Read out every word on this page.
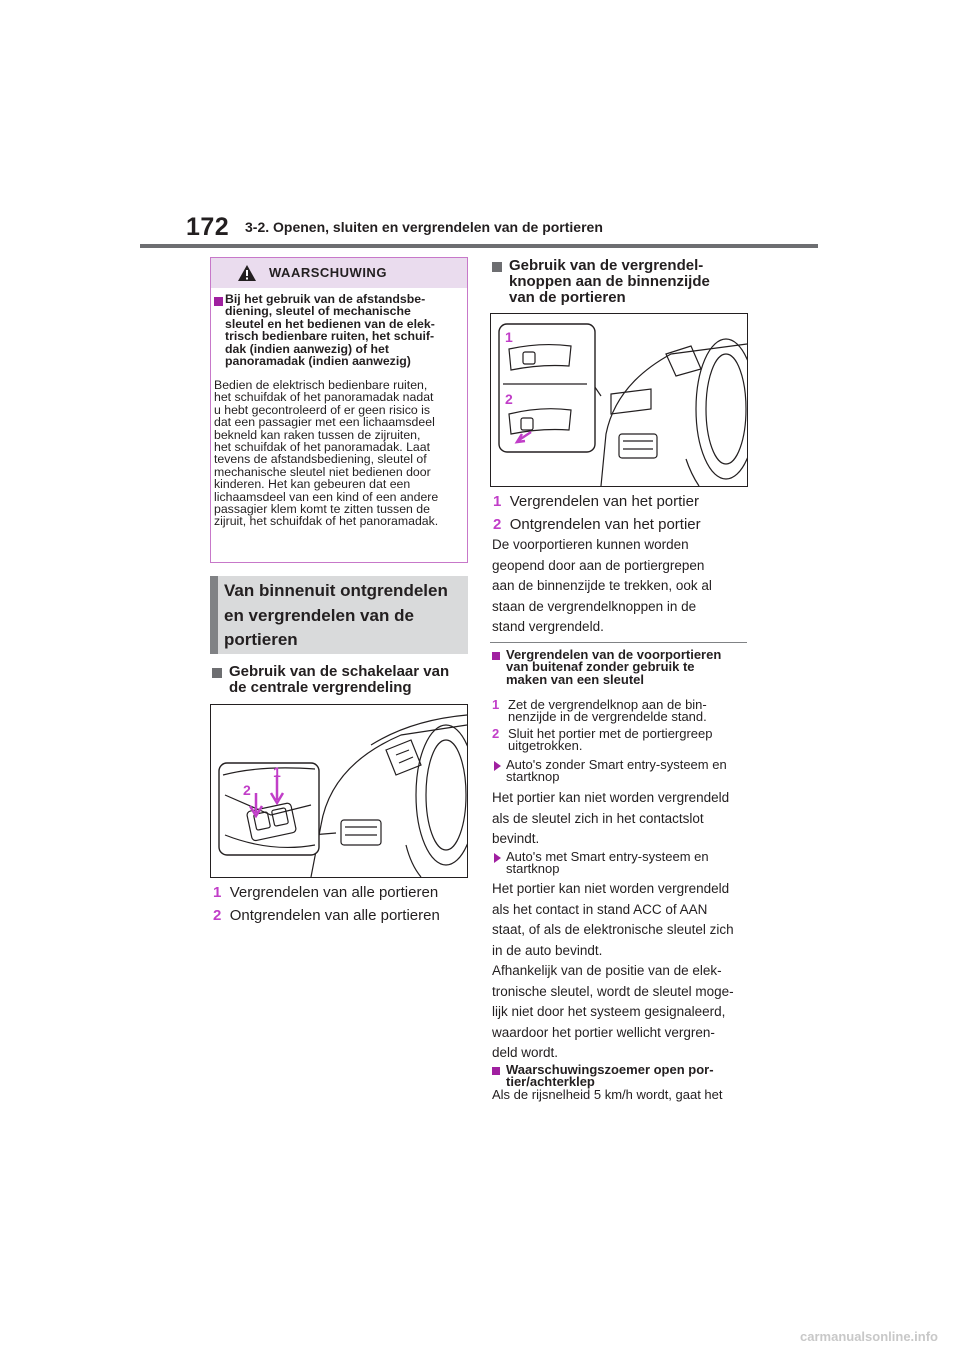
172 3-2. Openen, sluiten en vergrendelen van de portieren
WAARSCHUWING
Bij het gebruik van de afstandsbe-
diening, sleutel of mechanische
sleutel en het bedienen van de elek-
trisch bedienbare ruiten, het schuif-
dak (indien aanwezig) of het
panoramadak (indien aanwezig)
Bedien de elektrisch bedienbare ruiten,
het schuifdak of het panoramadak nadat
u hebt gecontroleerd of er geen risico is
dat een passagier met een lichaamsdeel
bekneld kan raken tussen de zijruiten,
het schuifdak of het panoramadak. Laat
tevens de afstandsbediening, sleutel of
mechanische sleutel niet bedienen door
kinderen. Het kan gebeuren dat een
lichaamsdeel van een kind of een andere
passagier klem komt te zitten tussen de
zijruit, het schuifdak of het panoramadak.
Van binnenuit ontgrendelen
en vergrendelen van de
portieren
Gebruik van de schakelaar van
de centrale vergrendeling
1
2
1 Vergrendelen van alle portieren
2 Ontgrendelen van alle portieren
Gebruik van de vergrendel-
knoppen aan de binnenzijde
van de portieren
1
2
1 Vergrendelen van het portier
2 Ontgrendelen van het portier
De voorportieren kunnen worden
geopend door aan de portiergrepen
aan de binnenzijde te trekken, ook al
staan de vergrendelknoppen in de
stand vergrendeld.
Vergrendelen van de voorportieren
van buitenaf zonder gebruik te
maken van een sleutel
1 Zet de vergrendelknop aan de bin-
nenzijde in de vergrendelde stand.
2 Sluit het portier met de portiergreep
uitgetrokken.
Auto's zonder Smart entry-systeem en
startknop
Het portier kan niet worden vergrendeld
als de sleutel zich in het contactslot
bevindt.
Auto's met Smart entry-systeem en
startknop
Het portier kan niet worden vergrendeld
als het contact in stand ACC of AAN
staat, of als de elektronische sleutel zich
in de auto bevindt.
Afhankelijk van de positie van de elek-
tronische sleutel, wordt de sleutel moge-
lijk niet door het systeem gesignaleerd,
waardoor het portier wellicht vergren-
deld wordt.
Waarschuwingszoemer open por-
tier/achterklep
Als de rijsnelheid 5 km/h wordt, gaat het
carmanualsonline.info
